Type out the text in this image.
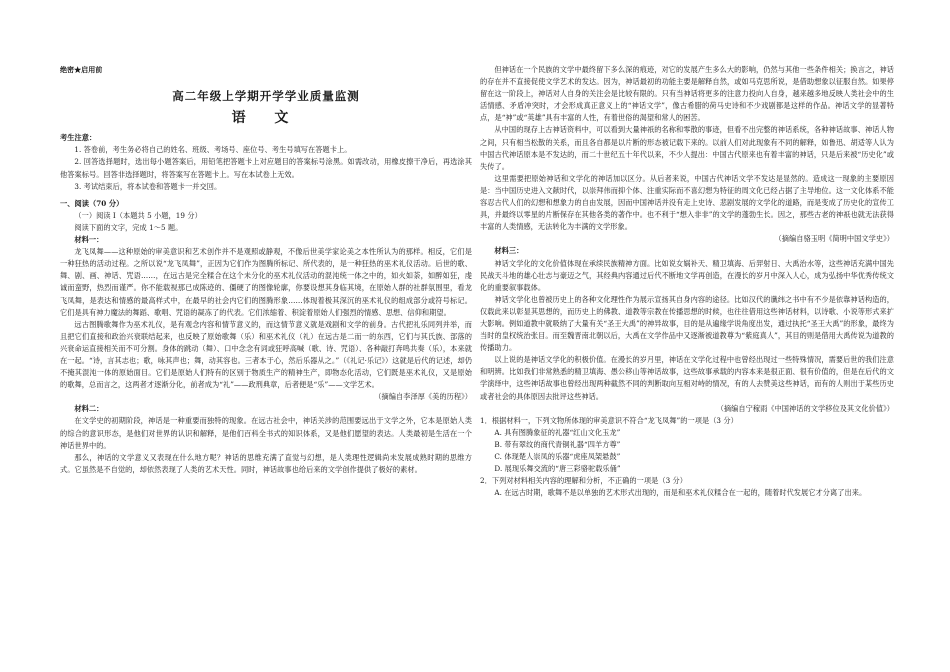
绝密★启用前

高二年级上学期开学学业质量监测

语 文

考生注意：

1. 答卷前，考生务必将自己的姓名、班级、考场号、座位号、考生号填写在答题卡上。

2. 回答选择题时，选出每小题答案后，用铅笔把答题卡上对应题目的答案标号涂黑。如需改动，用橡皮擦干净后，再选涂其他答案标号。回答非选择题时，将答案写在答题卡上。写在本试卷上无效。

3. 考试结束后，将本试卷和答题卡一并交回。

一、阅读（70 分）

（一）阅读 I（本题共 5 小题，19 分）

阅读下面的文字，完成 1～5 题。

材料一：

龙飞凤舞——这种原始的审美意识和艺术创作并不是观照或静观，不像后世美学家论美之本性所认为的那样。相反，它们是一种狂热的活动过程。之所以说“龙飞凤舞”，正因为它们作为图腾所标记、所代表的，是一种狂热的巫术礼仪活动。后世的歌、舞、剧、画、神话、咒语……，在远古是完全糅合在这个未分化的巫术礼仪活动的混沌统一体之中的，如火如荼，如醉如狂，虔诚而蛮野，热烈而谨严。你不能载视那已成陈迹的、僵硬了的图像轮廓，你要设想其身临其境，在原始人群的社群氛围里，看龙飞凤舞，是表达和情感的最高样式中，在最早的社会内它们的图腾形象……体现着极其深沉的巫术礼仪的组成部分或符号标记。它们是具有神力魔法的舞蹈、歌唱、咒语的凝冻了的代表。它们浓缩着、积淀着原始人们强烈的情感、思想、信仰和期望。

远古图腾歌舞作为巫术礼仪，是有观念内容和情节意义的，而这情节意义就是戏剧和文学的前身。古代把礼乐同列并举，而且把它们直接和政治兴衰联结起来，也反映了原始歌舞（乐）和巫术礼仪（礼）在远古是二而一的东西，它们与其氏族、部落的兴衰命运直接相关而不可分割。身体的跳动（舞）、口中念念有词或狂呼高喊（歌、诗、咒语）、各种敲打奔鸣共奏（乐），本来就在一起。“诗，言其志也；歌，咏其声也；舞，动其容也。三者本于心，然后乐器从之。”（《礼记·乐记》）这就是后代的记述，却仍不掩其混沌一体的原始面目。它们是原始人们特有的区别于物质生产的精神生产，即物态化活动，它们既是巫术礼仪，又是原始的歌舞，总而言之，这两者才逐渐分化，前者成为“礼”——政刑典章，后者便是“乐”——文学艺术。

（摘编自李泽厚《美的历程》）

材料二：

在文学史的初期阶段，神话是一种重要而独特的现象。在远古社会中，神话关涉的范围要远出于文学之外，它本是原始人类的综合的意识形态，是他们对世界的认识和解释，是他们百科全书式的知识体系，又是他们愿望的表达。人类最初是生活在一个神话世界中的。

那么，神话的文学意义又表现在什么地方呢？神话的思维充满了直觉与幻想，是人类理性逻辑尚未发展成熟时期的思维方式。它虽然是不自觉的，却依然表现了人类的艺术天性。同时，神话故事也给后来的文学创作提供了极好的素材。

但神话在一个民族的文学中最终留下多么深的痕迹，对它的发展产生多么大的影响，仍然与其他一些条件相关；换言之，神话的存在并不直接促使文学艺术的发达。因为，神话最初的功能主要是解释自然，或如马克思所说，是借助想象以征服自然。如果停留在这一阶段上，神话对人自身的关注会是比较有限的。只有当神话将更多的注意力投向人自身，越来越多地反映人类社会中的生活情感、矛盾冲突时，才会形成真正意义上的“神话文学”，像古希腊的荷马史诗和不少戏剧都是这样的作品。神话文学的显著特点，是“神”或“英雄”具有丰富的人性，有着世俗的渴望和常人的困苦。

从中国的现存上古神话资料中，可以看到大量神祇的名称和零散的事迹，但看不出完整的神话系统，各种神话故事、神话人物之间，只有相当松散的关系，而且各自都是以片断的形态被记载下来的。以前人们对此现象有不同的解释，如鲁迅、胡适等人认为中国古代神话原本是不发达的，而二十世纪五十年代以来，不少人提出：中国古代原来也有着丰富的神话，只是后来被“历史化”或失传了。

这里需要把原始神话和文学化的神话加以区分。从后者来说，中国古代神话文学不发达是显然的。造成这一现象的主要原因是：当中国历史进入文献时代，以崇拜伟而抑个体、注重实际而不喜幻想为特征的周文化已经占据了主导地位。这一文化体系不能容忍古代人们的幻想和想象力的自由发展，因而中国神话并没有走上史诗、悲剧发展的文学化的道路，而是变成了历史化的宣传工具，并最终以零星的片断保存在其他各类的著作中。也不利于“想入非非”的文学的蓬勃生长。因之，那些古老的神祇也就无法获得丰富的人类情感，无法转化为丰满的文学形象。

（摘编自骆玉明《简明中国文学史》）

材料三：

神话文学化的文化价值体现在承续民族精神方面。比如说女娲补天、精卫填海、后羿射日、大禹治水等，这些神话充满中国先民战天斗地的雄心壮志与豪迈之气，其经典内容通过后代不断地文学再创造，在漫长的岁月中深入人心，成为弘扬中华优秀传统文化的重要叙事载体。

神话文学化也曾被历史上的各种文化理性作为展示宣扬其自身内容的途径。比如汉代的谶纬之书中有不少是依靠神话构造的，仅载此来以彰显其思想的，而历史上的佛教、道教等宗教在传播思想的时候，也往往借用这些神话材料，以诗歌、小说等形式来扩大影响。例如道教中就吸纳了大量有关“圣王大禹”的神异故事，目的是从遍缘学说角度出发，通过执托“圣王大禹”的形象，最终为当时的皇权统治张目。而至魏晋南北朝以后，大禹在文学作品中又逐渐被道教尊为“紫庭真人”，其目的则是借用大禹传说为道教的传播助力。

以上说的是神话文学化的积极价值。在漫长的岁月里，神话在文学化过程中也曾经出现过一些特殊情况，需要后世的我们注意和明辨。比如我们非常熟悉的精卫填海、愚公移山等神话故事，这些故事承载的内容本来是很正面、很有价值的，但是在后代的文学演绎中，这些神话故事也曾经出现两种截然不同的判断取向互相对峙的情况，有的人去赞美这些神话，而有的人则出于某些历史或者社会的具体原因去批评这些神话。

（摘编自宁稼雨《中国神话的文学移位及其文化价值》）

1．根据材料一，下列文物所体现的审美意识不符合“龙飞凤舞”的一项是（3 分）

A. 具有图腾象征的礼器“红山文化玉龙”

B. 带有翠纹的商代青铜礼器“四羊方尊”

C. 体现楚人崇凤的乐器“虎座凤架悬鼓”

D. 展现乐舞交流的“唐三彩骆驼载乐俑”

2．下列对材料相关内容的理解和分析，不正确的一项是（3 分）

A. 在远古时期，歌舞不是以单独的艺术形式出现的，而是和巫术礼仪糅合在一起的，随着时代发展它才分离了出来。
